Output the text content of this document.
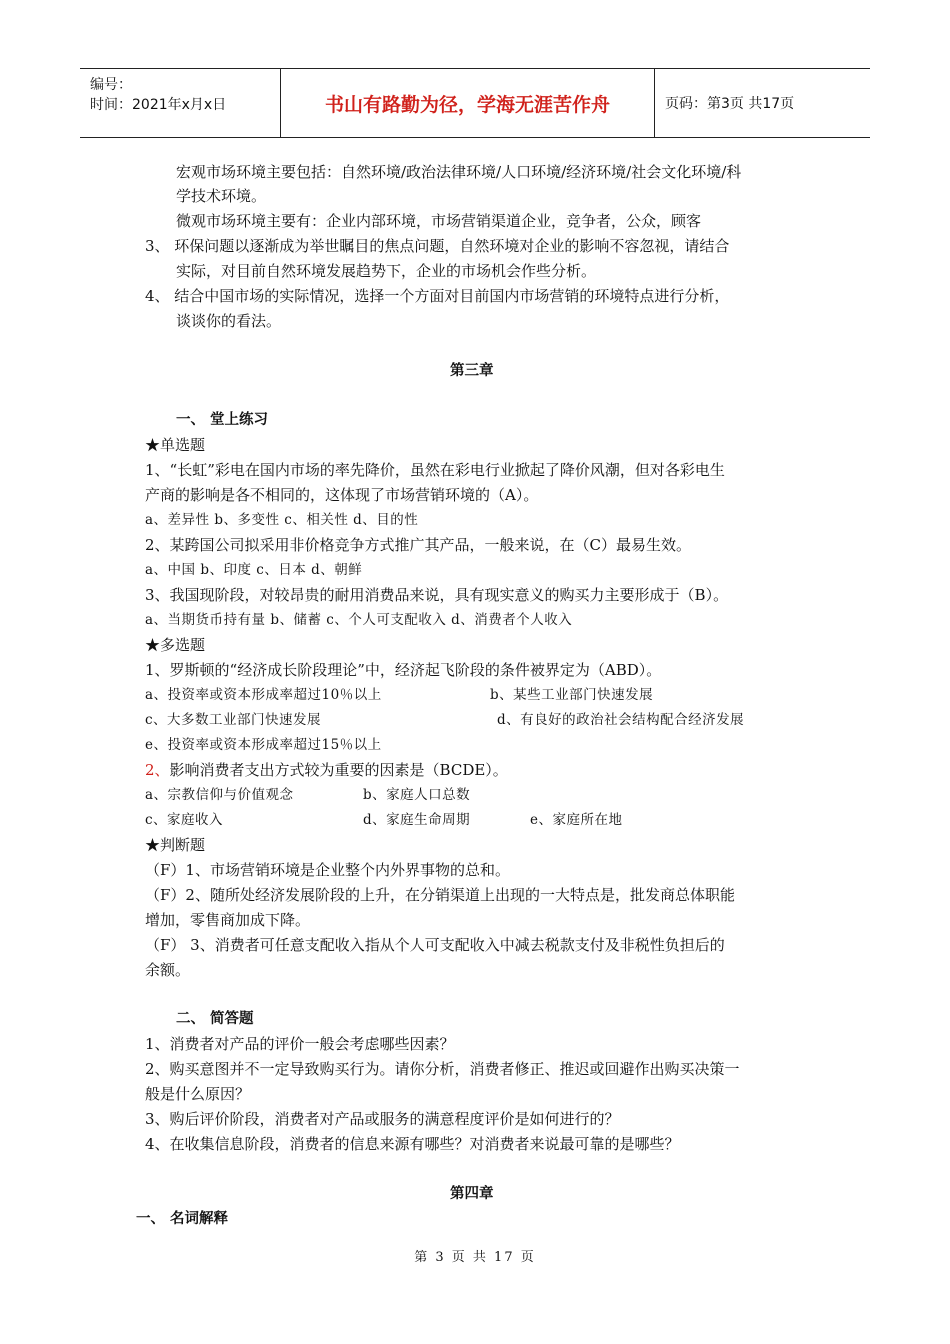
编号：
时间：2021年x月x日	书山有路勤为径，学海无涯苦作舟	页码：第3页 共17页
宏观市场环境主要包括：自然环境/政治法律环境/人口环境/经济环境/社会文化环境/科
学技术环境。
微观市场环境主要有：企业内部环境，市场营销渠道企业，竞争者，公众，顾客
3、 环保问题以逐渐成为举世瞩目的焦点问题，自然环境对企业的影响不容忽视，请结合
实际，对目前自然环境发展趋势下，企业的市场机会作些分析。
4、 结合中国市场的实际情况，选择一个方面对目前国内市场营销的环境特点进行分析，
谈谈你的看法。
第三章
一、 堂上练习
★单选题
1、“长虹”彩电在国内市场的率先降价，虽然在彩电行业掀起了降价风潮，但对各彩电生
产商的影响是各不相同的，这体现了市场营销环境的（A）。
a、差异性 b、多变性 c、相关性 d、目的性
2、某跨国公司拟采用非价格竞争方式推广其产品，一般来说，在（C）最易生效。
a、中国 b、印度 c、日本 d、朝鲜
3、我国现阶段，对较昂贵的耐用消费品来说，具有现实意义的购买力主要形成于（B）。
a、当期货币持有量 b、储蓄 c、个人可支配收入 d、消费者个人收入
★多选题
1、罗斯顿的“经济成长阶段理论”中，经济起飞阶段的条件被界定为（ABD）。
a、投资率或资本形成率超过10％以上	b、某些工业部门快速发展
c、大多数工业部门快速发展	d、有良好的政治社会结构配合经济发展
e、投资率或资本形成率超过15％以上
2、影响消费者支出方式较为重要的因素是（BCDE）。
a、宗教信仰与价值观念	b、家庭人口总数
c、家庭收入	d、家庭生命周期	e、家庭所在地
★判断题
（F）1、市场营销环境是企业整个内外界事物的总和。
（F）2、随所处经济发展阶段的上升，在分销渠道上出现的一大特点是，批发商总体职能
增加，零售商加成下降。
（F） 3、消费者可任意支配收入指从个人可支配收入中减去税款支付及非税性负担后的
余额。
二、 简答题
1、消费者对产品的评价一般会考虑哪些因素？
2、购买意图并不一定导致购买行为。请你分析，消费者修正、推迟或回避作出购买决策一
般是什么原因？
3、购后评价阶段，消费者对产品或服务的满意程度评价是如何进行的？
4、在收集信息阶段，消费者的信息来源有哪些？对消费者来说最可靠的是哪些？
第四章
一、 名词解释
第 3 页 共 17 页
